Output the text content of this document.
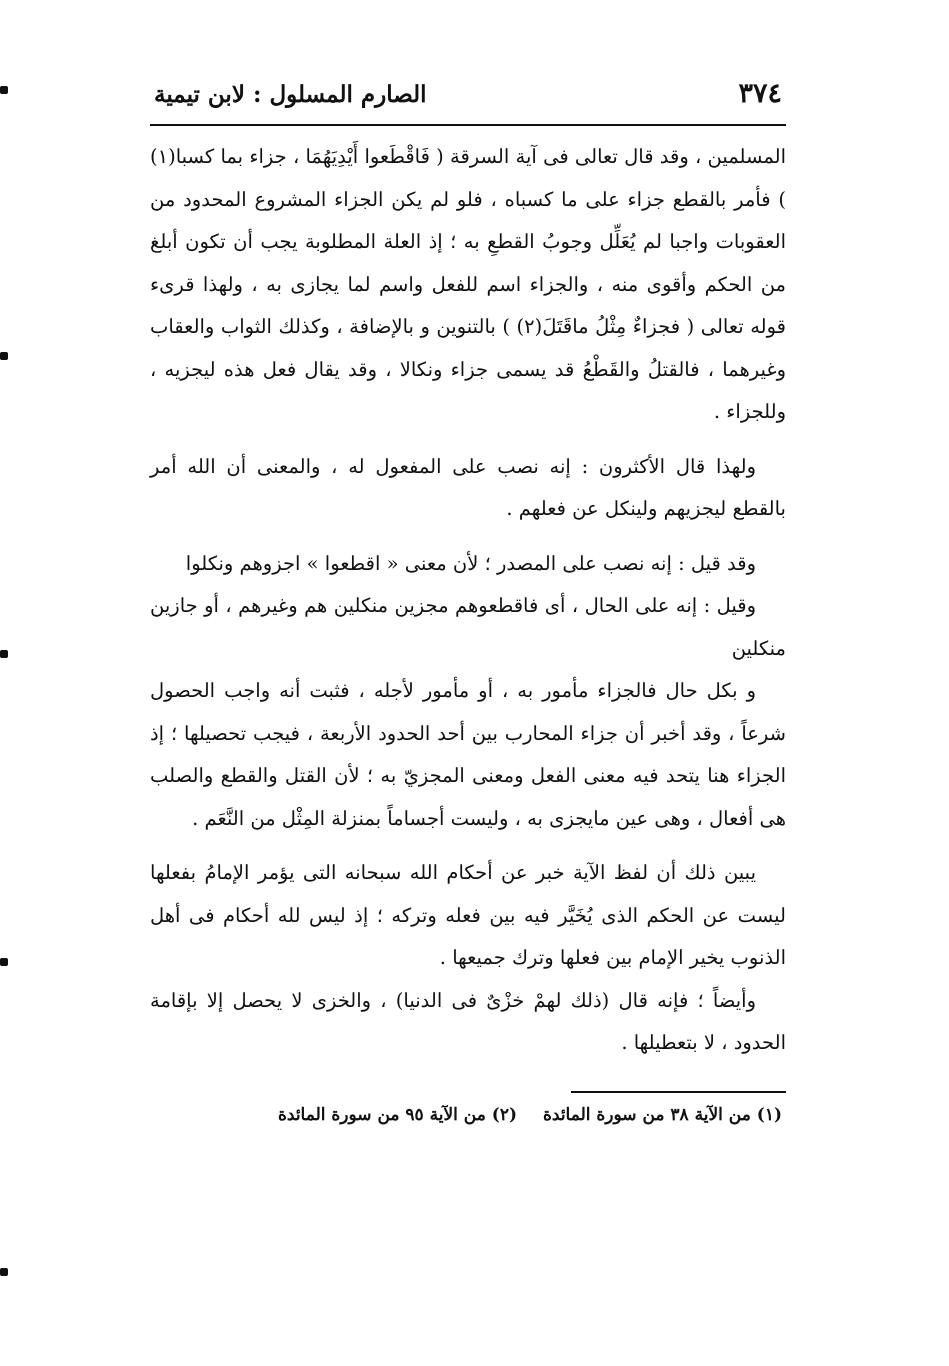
٣٧٤
الصارم المسلول : لابن تيمية

المسلمين ، وقد قال تعالى فى آية السرقة ( فَاقْطَعوا أَيْدِيَهُمَا ، جزاء بما كسبا(١) ) فأمر بالقطع جزاء على ما كسباه ، فلو لم يكن الجزاء المشروع المحدود من العقوبات واجبا لم يُعَلِّل وجوبُ القطعِ به ؛ إذ العلة المطلوبة يجب أن تكون أبلغ من الحكم وأقوى منه ، والجزاء اسم للفعل واسم لما يجازى به ، ولهذا قرىء قوله تعالى ( فجزاءٌ مِثْلُ ماقَتَلَ(٢) ) بالتنوين و بالإضافة ، وكذلك الثواب والعقاب وغيرهما ، فالقتلُ والقَطْعُ قد يسمى جزاء ونكالا ، وقد يقال فعل هذه ليجزيه ، وللجزاء .

ولهذا قال الأكثرون : إنه نصب على المفعول له ، والمعنى أن الله أمر بالقطع ليجزيهم ولينكل عن فعلهم .

وقد قيل : إنه نصب على المصدر ؛ لأن معنى « اقطعوا » اجزوهم ونكلوا

وقيل : إنه على الحال ، أى فاقطعوهم مجزين منكلين هم وغيرهم ، أو جازين منكلين

و بكل حال فالجزاء مأمور به ، أو مأمور لأجله ، فثبت أنه واجب الحصول شرعاً ، وقد أخبر أن جزاء المحارب بين أحد الحدود الأربعة ، فيجب تحصيلها ؛ إذ الجزاء هنا يتحد فيه معنى الفعل ومعنى المجزيّ به ؛ لأن القتل والقطع والصلب هى أفعال ، وهى عين مايجزى به ، وليست أجساماً بمنزلة المِثْل من النَّعَم .

يبين ذلك أن لفظ الآية خبر عن أحكام الله سبحانه التى يؤمر الإمامُ بفعلها ليست عن الحكم الذى يُخَيَّر فيه بين فعله وتركه ؛ إذ ليس لله أحكام فى أهل الذنوب يخير الإمام بين فعلها وترك جميعها .

وأيضاً ؛ فإنه قال (ذلك لهمْ خزْىٌ فى الدنيا) ، والخزى لا يحصل إلا بإقامة الحدود ، لا بتعطيلها .

(١) من الآية ٣٨ من سورة المائدة
(٢) من الآية ٩٥ من سورة المائدة
